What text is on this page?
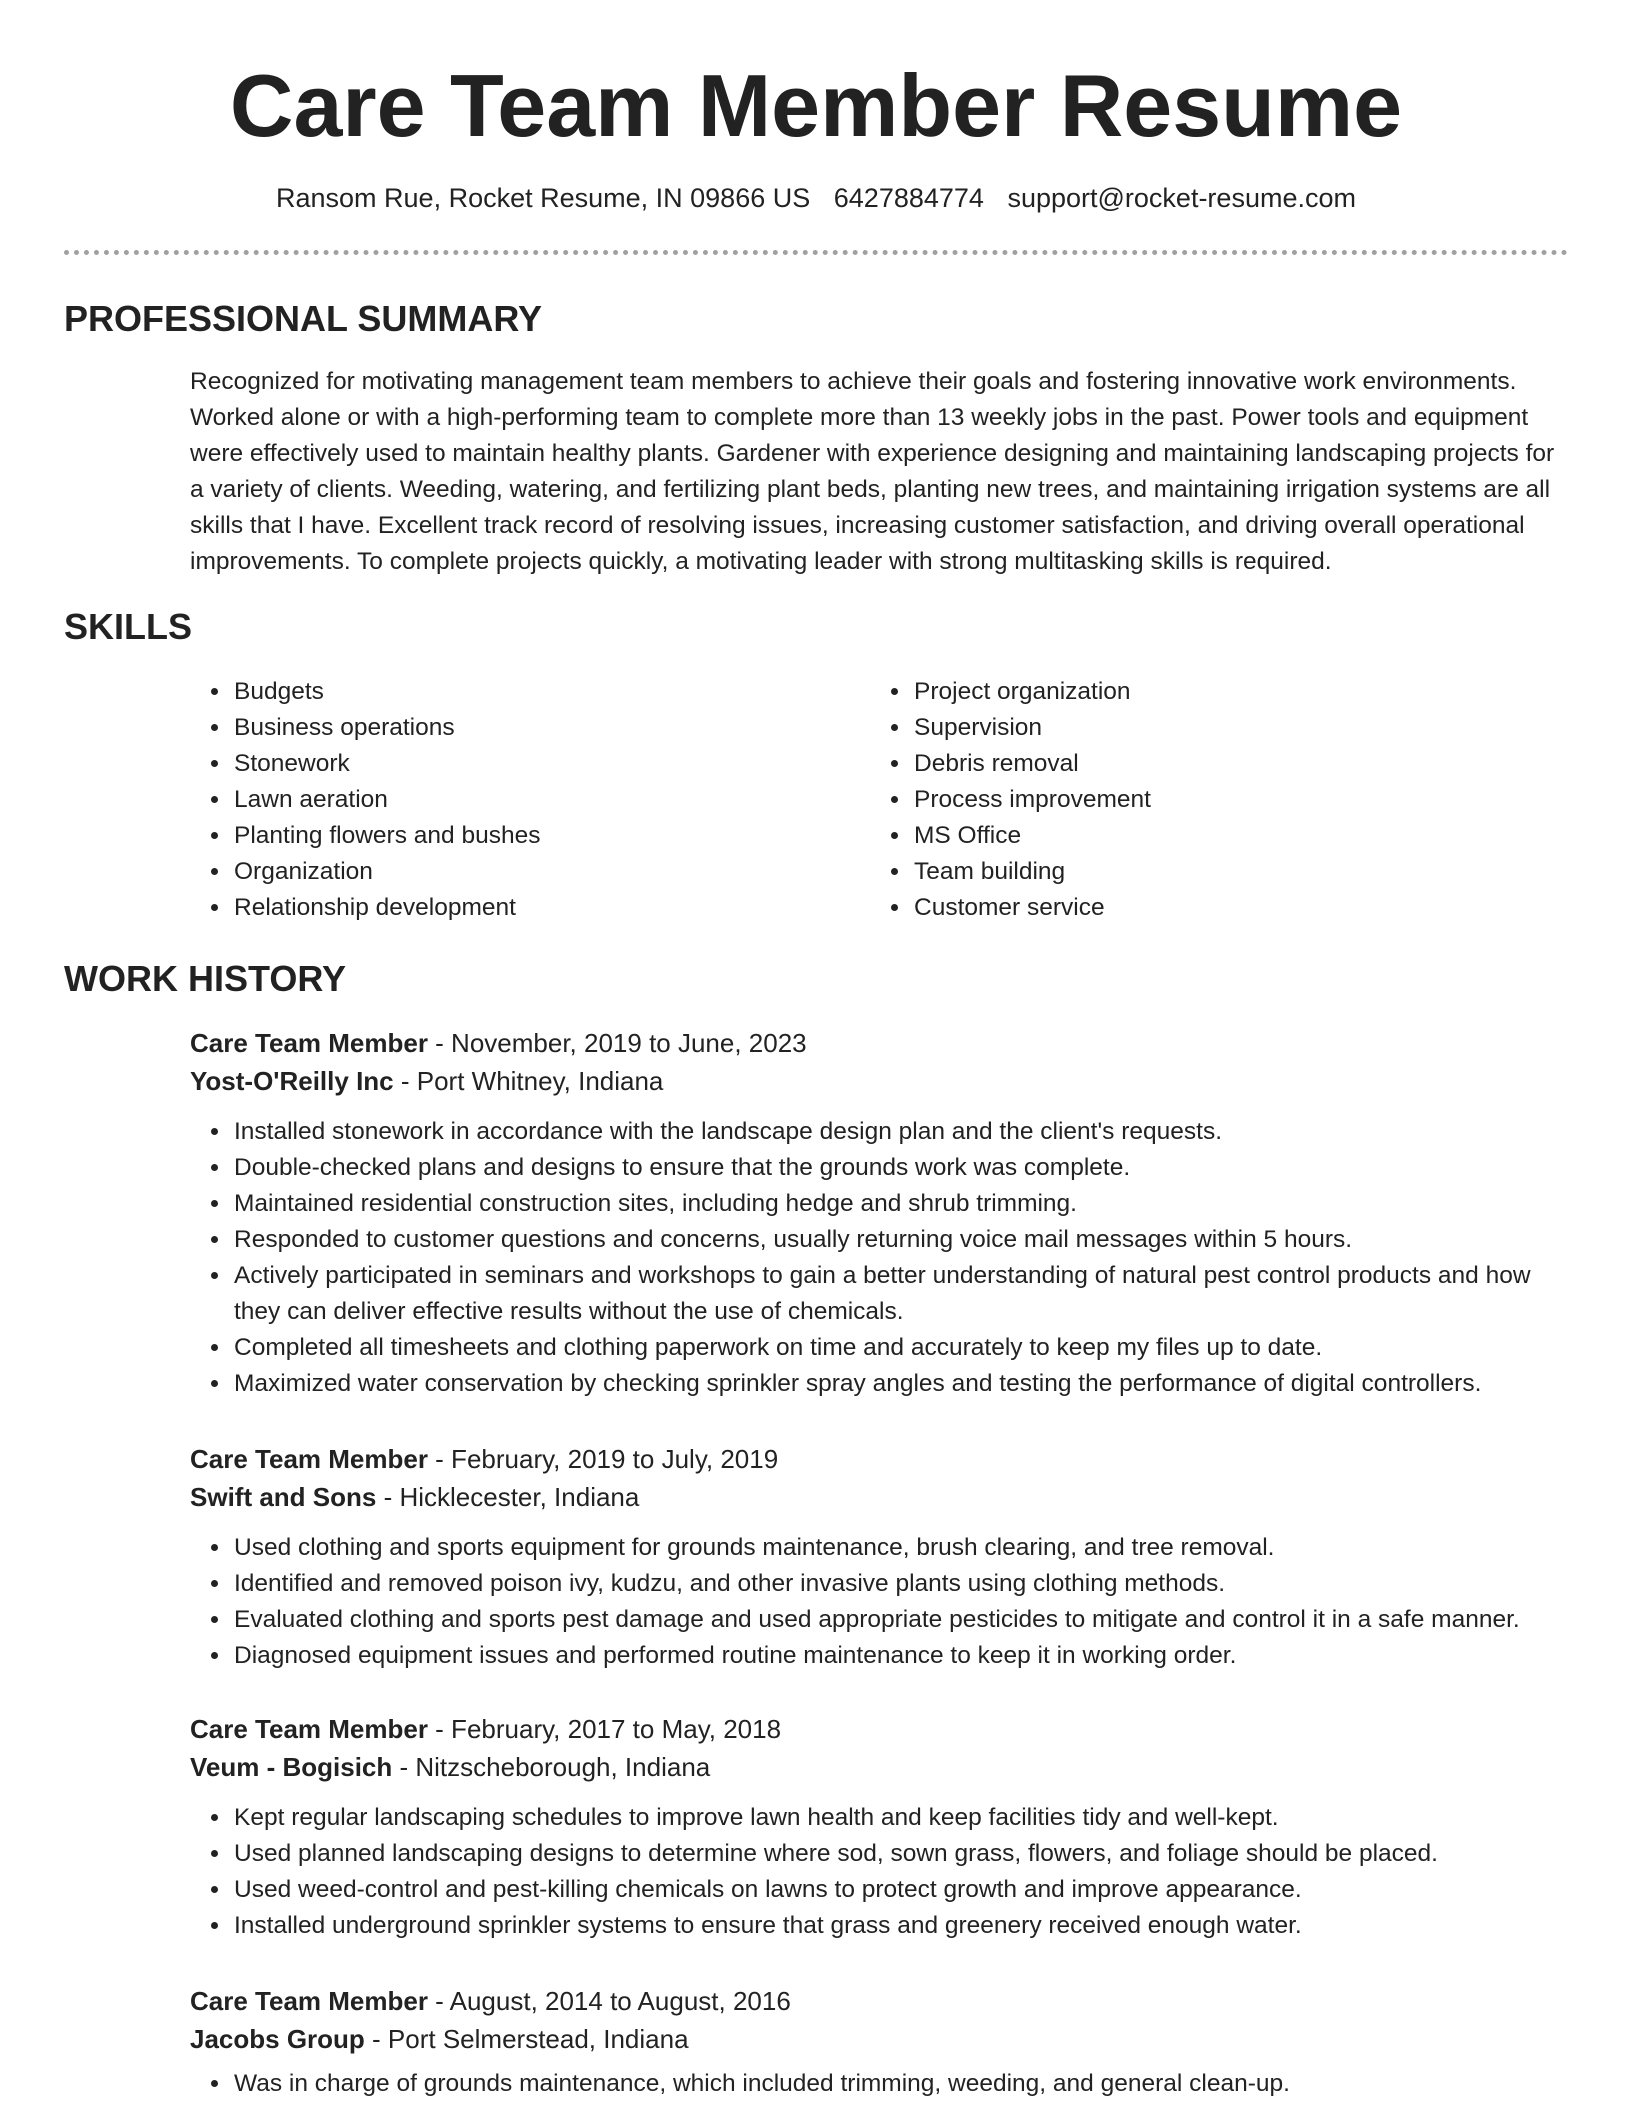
Care Team Member Resume
Ransom Rue, Rocket Resume, IN 09866 US 6427884774 support@rocket-resume.com
PROFESSIONAL SUMMARY

Recognized for motivating management team members to achieve their goals and fostering innovative work environments. Worked alone or with a high-performing team to complete more than 13 weekly jobs in the past. Power tools and equipment were effectively used to maintain healthy plants. Gardener with experience designing and maintaining landscaping projects for a variety of clients. Weeding, watering, and fertilizing plant beds, planting new trees, and maintaining irrigation systems are all skills that I have. Excellent track record of resolving issues, increasing customer satisfaction, and driving overall operational improvements. To complete projects quickly, a motivating leader with strong multitasking skills is required.

SKILLS
• Budgets
• Business operations
• Stonework
• Lawn aeration
• Planting flowers and bushes
• Organization
• Relationship development
• Project organization
• Supervision
• Debris removal
• Process improvement
• MS Office
• Team building
• Customer service
WORK HISTORY
Care Team Member - November, 2019 to June, 2023
Yost-O'Reilly Inc - Port Whitney, Indiana
• Installed stonework in accordance with the landscape design plan and the client's requests.
• Double-checked plans and designs to ensure that the grounds work was complete.
• Maintained residential construction sites, including hedge and shrub trimming.
• Responded to customer questions and concerns, usually returning voice mail messages within 5 hours.
• Actively participated in seminars and workshops to gain a better understanding of natural pest control products and how they can deliver effective results without the use of chemicals.
• Completed all timesheets and clothing paperwork on time and accurately to keep my files up to date.
• Maximized water conservation by checking sprinkler spray angles and testing the performance of digital controllers.
Care Team Member - February, 2019 to July, 2019
Swift and Sons - Hicklecester, Indiana
• Used clothing and sports equipment for grounds maintenance, brush clearing, and tree removal.
• Identified and removed poison ivy, kudzu, and other invasive plants using clothing methods.
• Evaluated clothing and sports pest damage and used appropriate pesticides to mitigate and control it in a safe manner.
• Diagnosed equipment issues and performed routine maintenance to keep it in working order.
Care Team Member - February, 2017 to May, 2018
Veum - Bogisich - Nitzscheborough, Indiana
• Kept regular landscaping schedules to improve lawn health and keep facilities tidy and well-kept.
• Used planned landscaping designs to determine where sod, sown grass, flowers, and foliage should be placed.
• Used weed-control and pest-killing chemicals on lawns to protect growth and improve appearance.
• Installed underground sprinkler systems to ensure that grass and greenery received enough water.
Care Team Member - August, 2014 to August, 2016
Jacobs Group - Port Selmerstead, Indiana
• Was in charge of grounds maintenance, which included trimming, weeding, and general clean-up.
